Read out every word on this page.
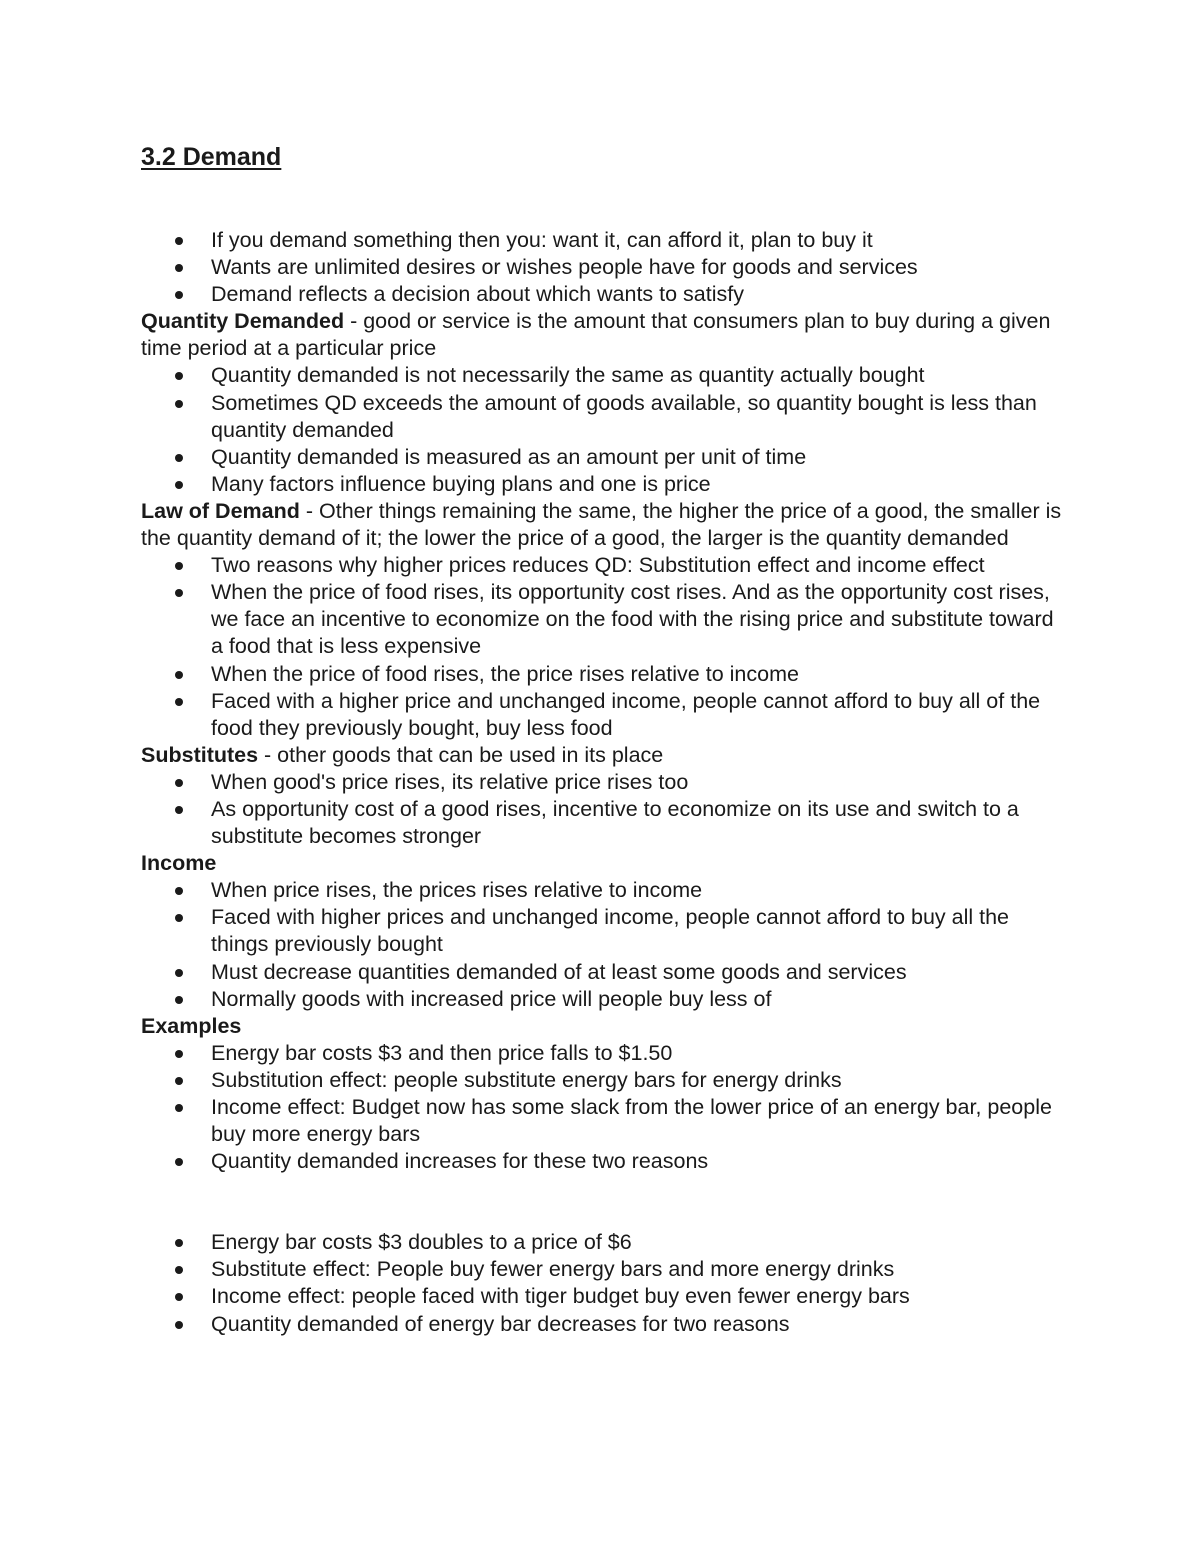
3.2 Demand
If you demand something then you: want it, can afford it, plan to buy it
Wants are unlimited desires or wishes people have for goods and services
Demand reflects a decision about which wants to satisfy

Quantity Demanded - good or service is the amount that consumers plan to buy during a given time period at a particular price

Quantity demanded is not necessarily the same as quantity actually bought
Sometimes QD exceeds the amount of goods available, so quantity bought is less than quantity demanded
Quantity demanded is measured as an amount per unit of time
Many factors influence buying plans and one is price

Law of Demand - Other things remaining the same, the higher the price of a good, the smaller is the quantity demand of it; the lower the price of a good, the larger is the quantity demanded

Two reasons why higher prices reduces QD: Substitution effect and income effect
When the price of food rises, its opportunity cost rises. And as the opportunity cost rises, we face an incentive to economize on the food with the rising price and substitute toward a food that is less expensive
When the price of food rises, the price rises relative to income
Faced with a higher price and unchanged income, people cannot afford to buy all of the food they previously bought, buy less food

Substitutes - other goods that can be used in its place

When good's price rises, its relative price rises too
As opportunity cost of a good rises, incentive to economize on its use and switch to a substitute becomes stronger

Income

When price rises, the prices rises relative to income
Faced with higher prices and unchanged income, people cannot afford to buy all the things previously bought
Must decrease quantities demanded of at least some goods and services
Normally goods with increased price will people buy less of

Examples

Energy bar costs $3 and then price falls to $1.50
Substitution effect: people substitute energy bars for energy drinks
Income effect: Budget now has some slack from the lower price of an energy bar, people buy more energy bars
Quantity demanded increases for these two reasons
Energy bar costs $3 doubles to a price of $6
Substitute effect: People buy fewer energy bars and more energy drinks
Income effect: people faced with tiger budget buy even fewer energy bars
Quantity demanded of energy bar decreases for two reasons
